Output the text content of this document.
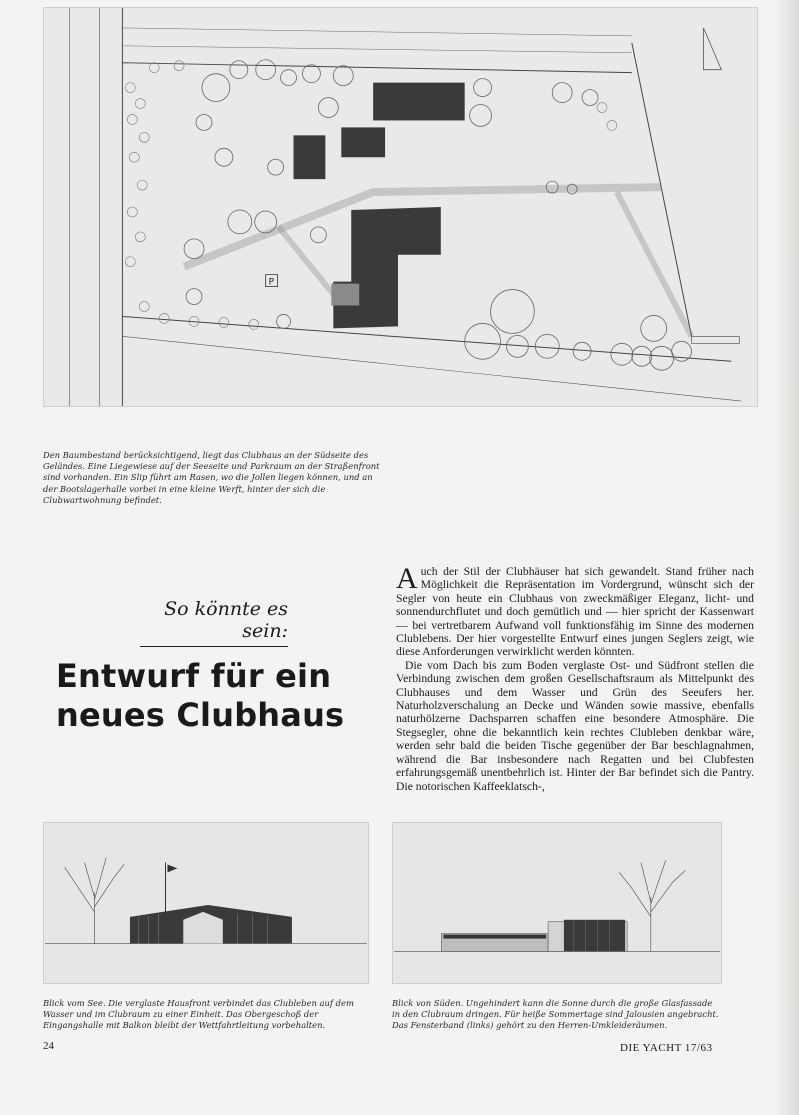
P
Den Baumbestand berücksichtigend, liegt das Clubhaus an der Südseite des Geländes. Eine Liegewiese auf der Seeseite und Parkraum an der Straßenfront sind vorhanden. Ein Slip führt am Rasen, wo die Jollen liegen können, und an der Bootslagerhalle vorbei in eine kleine Werft, hinter der sich die Clubwartwohnung befindet.
So könnte es sein:
Entwurf für ein neues Clubhaus

Auch der Stil der Clubhäuser hat sich gewandelt. Stand früher nach Möglichkeit die Repräsentation im Vordergrund, wünscht sich der Segler von heute ein Clubhaus von zweckmäßiger Eleganz, licht- und sonnendurchflutet und doch gemütlich und — hier spricht der Kassenwart — bei vertretbarem Aufwand voll funktionsfähig im Sinne des modernen Clublebens. Der hier vorgestellte Entwurf eines jungen Seglers zeigt, wie diese Anforderungen verwirklicht werden könnten.

Die vom Dach bis zum Boden verglaste Ost- und Südfront stellen die Verbindung zwischen dem großen Gesellschaftsraum als Mittelpunkt des Clubhauses und dem Wasser und Grün des Seeufers her. Naturholzverschalung an Decke und Wänden sowie massive, ebenfalls naturhölzerne Dachsparren schaffen eine besondere Atmosphäre. Die Stegsegler, ohne die bekanntlich kein rechtes Clubleben denkbar wäre, werden sehr bald die beiden Tische gegenüber der Bar beschlagnahmen, während die Bar insbesondere nach Regatten und bei Clubfesten erfahrungsgemäß unentbehrlich ist. Hinter der Bar befindet sich die Pantry. Die notorischen Kaffeeklatsch-,

Blick vom See. Die verglaste Hausfront verbindet das Clubleben auf dem Wasser und im Clubraum zu einer Einheit. Das Obergeschoß der Eingangshalle mit Balkon bleibt der Wettfahrtleitung vorbehalten.
Blick von Süden. Ungehindert kann die Sonne durch die große Glasfassade in den Clubraum dringen. Für heiße Sommertage sind Jalousien angebracht. Das Fensterband (links) gehört zu den Herren-Umkleideräumen.
24	DIE YACHT 17/63
